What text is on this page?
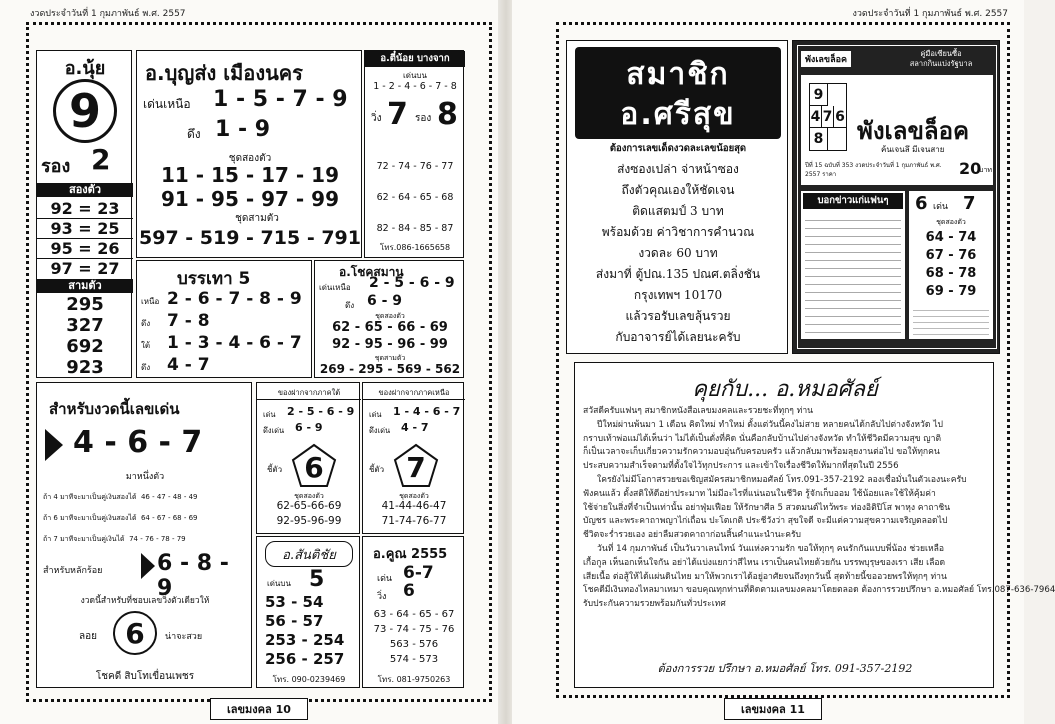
งวดประจำวันที่ 1 กุมภาพันธ์ พ.ศ. 2557
อ.นุ้ย
9
รอง 2
สองตัว
92 = 23
93 = 25
95 = 26
97 = 27
สามตัว
295
327
692
923
อ.บุญส่ง เมืองนคร
เด่นเหนือ 1 - 5 - 7 - 9
ดึง 1 - 9
ชุดสองตัว
11 - 15 - 17 - 19
91 - 95 - 97 - 99
ชุดสามตัว
597 - 519 - 715 - 791
อ.ตี๋น้อย บางจาก
เด่นบน
1 - 2 - 4 - 6 - 7 - 8
วิ่ง 7 รอง 8
72 - 74 - 76 - 77
62 - 64 - 65 - 68
82 - 84 - 85 - 87
โทร.086-1665658
บรรเทา 5
เหนือ 2 - 6 - 7 - 8 - 9
ดึง 7 - 8
ใต้ 1 - 3 - 4 - 6 - 7
ดึง 4 - 7
อ.โชคสมาน
เด่นเหนือ 2 - 5 - 6 - 9
ดึง 6 - 9
ชุดสองตัว
62 - 65 - 66 - 69
92 - 95 - 96 - 99
ชุดสามตัว
269 - 295 - 569 - 562
สำหรับงวดนี้เลขเด่น
4 - 6 - 7
มาหนึ่งตัว
ถ้า 4 มาทีจะมาเป็นคู่เงินสองได้ 46 - 47 - 48 - 49
ถ้า 6 มาทีจะมาเป็นคู่เงินสองได้ 64 - 67 - 68 - 69
ถ้า 7 มาทีจะมาเป็นคู่เงินได้ 74 - 76 - 78 - 79
สำหรับหลักร้อย 6 - 8 - 9
งวดนี้สำหรับที่ชอบเลขวิ่งตัวเดียวให้
ลอย	6	น่าจะสวย
โชคดี สิบโทเขื่อนเพชร
ของฝากจากภาคใต้
เด่น 2 - 5 - 6 - 9
ดึงเด่น 6 - 9
ชี้ตัว 6
ชุดสองตัว
62-65-66-69
92-95-96-99
ของฝากจากภาคเหนือ
เด่น 1 - 4 - 6 - 7
ดึงเด่น 4 - 7
ชี้ตัว 7
ชุดสองตัว
41-44-46-47
71-74-76-77
อ.สันติชัย
เด่นบน 5
53 - 54
56 - 57
253 - 254
256 - 257
โทร. 090-0239469
อ.คูณ 2555
เด่น 6-7
วิ่ง 6
63 - 64 - 65 - 67
73 - 74 - 75 - 76
563 - 576
574 - 573
โทร. 081-9750263
เลขมงคล 10
งวดประจำวันที่ 1 กุมภาพันธ์ พ.ศ. 2557
สมาชิก
อ.ศรีสุข
ต้องการเลขเด็ดงวดละเลขน้อยสุด
ส่งซองเปล่า จ่าหน้าซอง
ถึงตัวคุณเองให้ชัดเจน
ติดแสตมป์ 3 บาท
พร้อมด้วย ค่าวิชาการคำนวณ
งวดละ 60 บาท
ส่งมาที่ ตู้ปณ.135 ปณศ.ตลิ่งชัน
กรุงเทพฯ 10170
แล้วรอรับเลขลุ้นรวย
กับอาจารย์ได้เลยนะครับ
พังเลขล็อค
คู่มือเซียนซื้อ
สลากกินแบ่งรัฐบาล
9
4 7 6
8 พังเลขล็อค
ค้นเจนลึ มีเจนสาย
ปีที่ 15 ฉบับที่ 353 งวดประจำวันที่ 1 กุมภาพันธ์ พ.ศ. 2557 ราคา	20
บาท
บอกข่าวแก่แฟนๆ	6 เด่น 7
ชุดสองตัว
64 - 74
67 - 76
68 - 78
69 - 79
คุยกับ... อ.หมอศัลย์
สวัสดีครับแฟนๆ สมาชิกหนังสือเลขมงคลและรวยชะที่ทุกๆ ท่าน
ปีใหม่ผ่านพ้นมา 1 เดือน คิดใหม่ ทำใหม่ ตั้งแต่วันนี้คงไม่สาย หลายคนได้กลับไปต่างจังหวัด ไป
กราบเท้าพ่อแม่ได้เห็นว่า ไม่ได้เป็นดั่งที่คิด นั่นคือกลับบ้านไปต่างจังหวัด ทำให้ชีวิตมีความสุข ญาติ
ก็เป็นเวลาจะเก็บเกี่ยวความรักความอบอุ่นกับครอบครัว แล้วกลับมาพร้อมลุยงานต่อไป ขอให้ทุกคน
ประสบความสำเร็จตามที่ตั้งใจไว้ทุกประการ และเข้าใจเรื่องชีวิตให้มากที่สุดในปี 2556
ใครยังไม่มีโอกาสรวยขอเชิญสมัครสมาชิกหมอศัลย์ โทร.091-357-2192 ลองเชื่อมั่นในตัวเองนะครับ
ฟังคนแล้ว ตั้งสติให้ดีอย่าประมาท ไม่มีอะไรที่แน่นอนในชีวิต รู้จักเก็บออม ใช้น้อยและใช้ให้คุ้มค่า
ใช้จ่ายในสิ่งที่จำเป็นเท่านั้น อย่าฟุ่มเฟือย ให้รักษาศีล 5 สวดมนต์ไหว้พระ ท่องอิติปิโส พาหุง คาถาชิน
บัญชร และพระคาถาพญาไก่เถื่อน ปะโตเกติ ประชีวังว่า สุขใจดี จะมีแต่ความสุขความเจริญตลอดไป
ชีวิตจะร่ำรวยเอง อย่าลืมสวดคาถาก่อนสิ้นคำแนะนำนะครับ
วันที่ 14 กุมภาพันธ์ เป็นวันวาเลนไทน์ วันแห่งความรัก ขอให้ทุกๆ คนรักกันแบบพี่น้อง ช่วยเหลือ
เกื้อกูล เห็นอกเห็นใจกัน อย่าได้แบ่งแยกว่าสีไหน เราเป็นคนไทยด้วยกัน บรรพบุรุษของเรา เสีย เลือด
เสียเนื้อ ต่อสู้ให้ได้แผ่นดินไทย มาให้พวกเราได้อยู่อาศัยจนถึงทุกวันนี้ สุดท้ายนี้ขออวยพรให้ทุกๆ ท่าน
โชคดีมีเงินทองไหลมาเทมา ขอบคุณทุกท่านที่ติดตามเลขมงคลมาโดยตลอด ต้องการรวยปรึกษา อ.หมอศัลย์ โทร.087-636-7964
รับประกันความรวยพร้อมกันทั่วประเทศ
ต้องการรวย ปรึกษา อ.หมอศัลย์ โทร. 091-357-2192
เลขมงคล 11
